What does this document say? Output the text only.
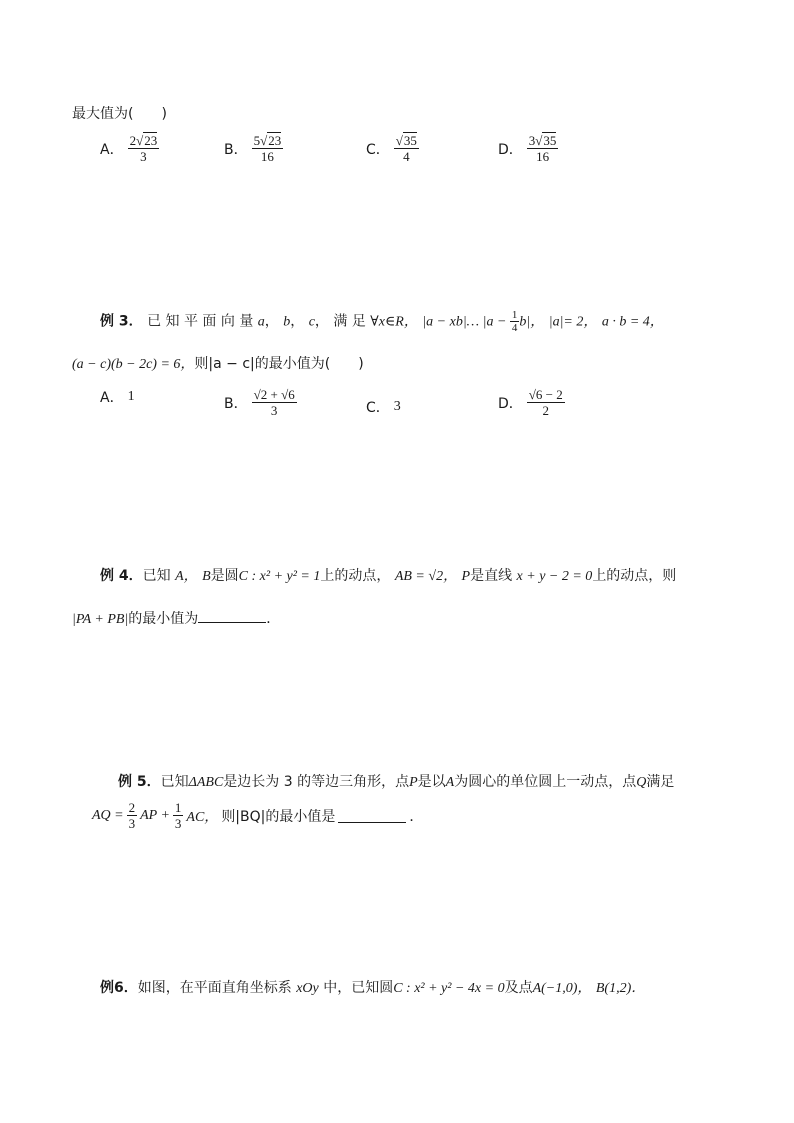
最大值为(　　)
A． $\frac{2√23}{3}$	B． $\frac{5√23}{16}$	C． $\frac{√35}{4}$	D． $\frac{3√35}{16}$
例 3． 已 知 平 面 向 量 a， b， c， 满 足 ∀x∈R， |a − xb|… $|a - \frac{1}{4} b|$， |a|= 2， a · b = 4，
(a − c)(b − 2c) = 6，则|a − c|的最小值为(　　)
A． 1	B． $\frac{√2 + √6}{3}$	C． 3	D． $\frac{√6 - 2}{2}$
例 4．已知 A， B是圆C : x² + y² = 1上的动点， AB = √2， P是直线 x + y − 2 = 0上的动点，则
|PA + PB|的最小值为	．
例 5．已知ΔABC是边长为 3 的等边三角形，点P是以A为圆心的单位圆上一动点，点Q满足
AQ = $\frac{2}{3}$ AP + $\frac{1}{3}$ AC， 则|BQ|的最小值是	．
例6．如图，在平面直角坐标系 xOy 中，已知圆C : x² + y² − 4x = 0及点A(−1,0)， B(1,2)．
